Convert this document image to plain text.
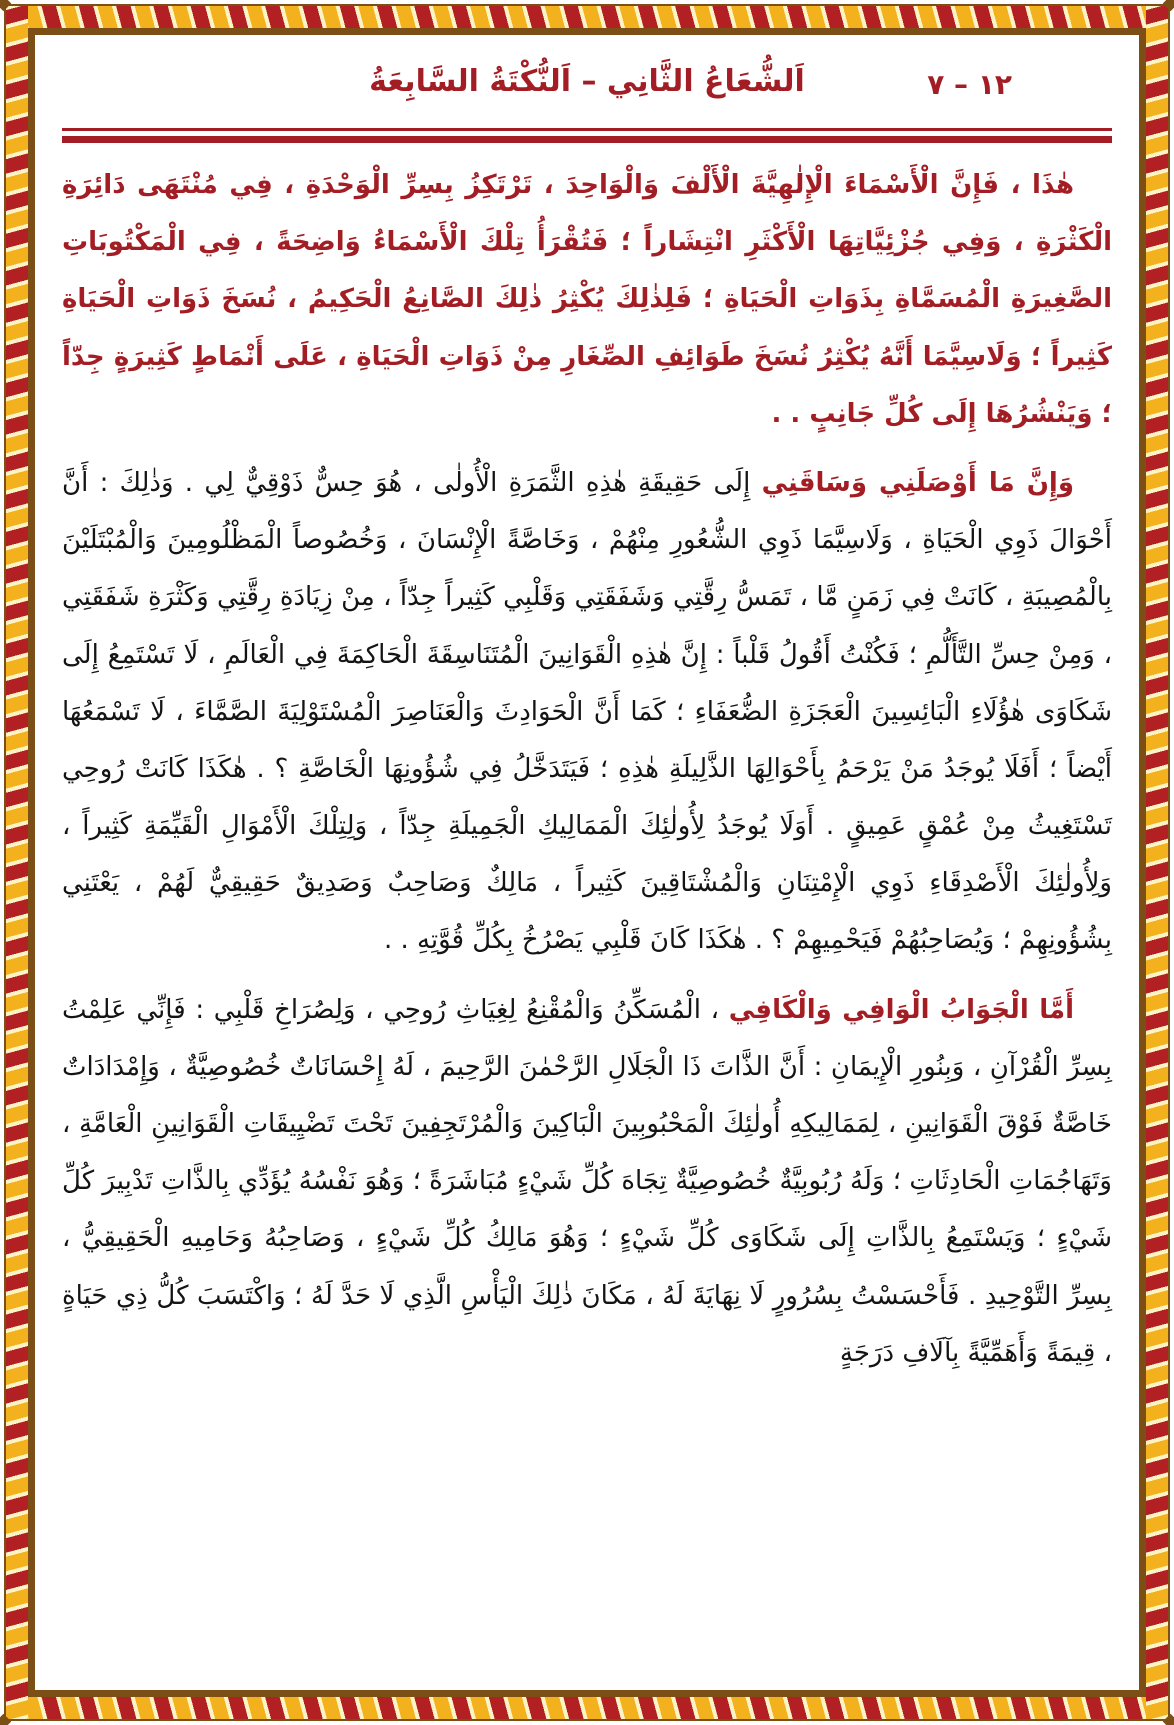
اَلشُّعَاعُ الثَّانِي – اَلنُّكْتَةُ السَّابِعَةُ	١٢ – ٧

هٰذَا ، فَإِنَّ الْأَسْمَاءَ الْإِلٰهِيَّةَ الْأَلْفَ وَالْوَاحِدَ ، تَرْتَكِزُ بِسِرِّ الْوَحْدَةِ ، فِي مُنْتَهَى دَائِرَةِ الْكَثْرَةِ ، وَفِي جُزْئِيَّاتِهَا الْأَكْثَرِ انْتِشَاراً ؛ فَتُقْرَأُ تِلْكَ الْأَسْمَاءُ وَاضِحَةً ، فِي الْمَكْتُوبَاتِ الصَّغِيرَةِ الْمُسَمَّاةِ بِذَوَاتِ الْحَيَاةِ ؛ فَلِذٰلِكَ يُكْثِرُ ذٰلِكَ الصَّانِعُ الْحَكِيمُ ، نُسَخَ ذَوَاتِ الْحَيَاةِ كَثِيراً ؛ وَلَاسِيَّمَا أَنَّهُ يُكْثِرُ نُسَخَ طَوَائِفِ الصِّغَارِ مِنْ ذَوَاتِ الْحَيَاةِ ، عَلَى أَنْمَاطٍ كَثِيرَةٍ جِدّاً ؛ وَيَنْشُرُهَا إِلَى كُلِّ جَانِبٍ . .

وَإِنَّ مَا أَوْصَلَنِي وَسَاقَنِي إِلَى حَقِيقَةِ هٰذِهِ الثَّمَرَةِ الْأُولٰى ، هُوَ حِسٌّ ذَوْقِيٌّ لِي . وَذٰلِكَ : أَنَّ أَحْوَالَ ذَوِي الْحَيَاةِ ، وَلَاسِيَّمَا ذَوِي الشُّعُورِ مِنْهُمْ ، وَخَاصَّةً الْإِنْسَانَ ، وَخُصُوصاً الْمَظْلُومِينَ وَالْمُبْتَلَيْنَ بِالْمُصِيبَةِ ، كَانَتْ فِي زَمَنٍ مَّا ، تَمَسُّ رِقَّتِي وَشَفَقَتِي وَقَلْبِي كَثِيراً جِدّاً ، مِنْ زِيَادَةِ رِقَّتِي وَكَثْرَةِ شَفَقَتِي ، وَمِنْ حِسِّ التَّأَلُّمِ ؛ فَكُنْتُ أَقُولُ قَلْباً : إِنَّ هٰذِهِ الْقَوَانِينَ الْمُتَنَاسِقَةَ الْحَاكِمَةَ فِي الْعَالَمِ ، لَا تَسْتَمِعُ إِلَى شَكَاوَى هٰؤُلَاءِ الْبَائِسِينَ الْعَجَزَةِ الضُّعَفَاءِ ؛ كَمَا أَنَّ الْحَوَادِثَ وَالْعَنَاصِرَ الْمُسْتَوْلِيَةَ الصَّمَّاءَ ، لَا تَسْمَعُهَا أَيْضاً ؛ أَفَلَا يُوجَدُ مَنْ يَرْحَمُ بِأَحْوَالِهَا الذَّلِيلَةِ هٰذِهِ ؛ فَيَتَدَخَّلُ فِي شُؤُونِهَا الْخَاصَّةِ ؟ . هٰكَذَا كَانَتْ رُوحِي تَسْتَغِيثُ مِنْ عُمْقٍ عَمِيقٍ . أَوَلَا يُوجَدُ لِأُولٰئِكَ الْمَمَالِيكِ الْجَمِيلَةِ جِدّاً ، وَلِتِلْكَ الْأَمْوَالِ الْقَيِّمَةِ كَثِيراً ، وَلِأُولٰئِكَ الْأَصْدِقَاءِ ذَوِي الْإِمْتِنَانِ وَالْمُشْتَاقِينَ كَثِيراً ، مَالِكٌ وَصَاحِبٌ وَصَدِيقٌ حَقِيقِيٌّ لَهُمْ ، يَعْتَنِي بِشُؤُونِهِمْ ؛ وَيُصَاحِبُهُمْ فَيَحْمِيهِمْ ؟ . هٰكَذَا كَانَ قَلْبِي يَصْرُخُ بِكُلِّ قُوَّتِهِ . .

أَمَّا الْجَوَابُ الْوَافِي وَالْكَافِي ، الْمُسَكِّنُ وَالْمُقْنِعُ لِغِيَاثِ رُوحِي ، وَلِصُرَاخِ قَلْبِي : فَإِنِّي عَلِمْتُ بِسِرِّ الْقُرْآنِ ، وَبِنُورِ الْإِيمَانِ : أَنَّ الذَّاتَ ذَا الْجَلَالِ الرَّحْمٰنَ الرَّحِيمَ ، لَهُ إِحْسَانَاتٌ خُصُوصِيَّةٌ ، وَإِمْدَادَاتٌ خَاصَّةٌ فَوْقَ الْقَوَانِينِ ، لِمَمَالِيكِهِ أُولٰئِكَ الْمَحْبُوبِينَ الْبَاكِينَ وَالْمُرْتَجِفِينَ تَحْتَ تَضْيِيقَاتِ الْقَوَانِينِ الْعَامَّةِ ، وَتَهَاجُمَاتِ الْحَادِثَاتِ ؛ وَلَهُ رُبُوبِيَّةٌ خُصُوصِيَّةٌ تِجَاهَ كُلِّ شَيْءٍ مُبَاشَرَةً ؛ وَهُوَ نَفْسُهُ يُؤَدِّي بِالذَّاتِ تَدْبِيرَ كُلِّ شَيْءٍ ؛ وَيَسْتَمِعُ بِالذَّاتِ إِلَى شَكَاوَى كُلِّ شَيْءٍ ؛ وَهُوَ مَالِكُ كُلِّ شَيْءٍ ، وَصَاحِبُهُ وَحَامِيهِ الْحَقِيقِيُّ ، بِسِرِّ التَّوْحِيدِ . فَأَحْسَسْتُ بِسُرُورٍ لَا نِهَايَةَ لَهُ ، مَكَانَ ذٰلِكَ الْيَأْسِ الَّذِي لَا حَدَّ لَهُ ؛ وَاكْتَسَبَ كُلُّ ذِي حَيَاةٍ ، قِيمَةً وَأَهَمِّيَّةً بِآلَافِ دَرَجَةٍ
